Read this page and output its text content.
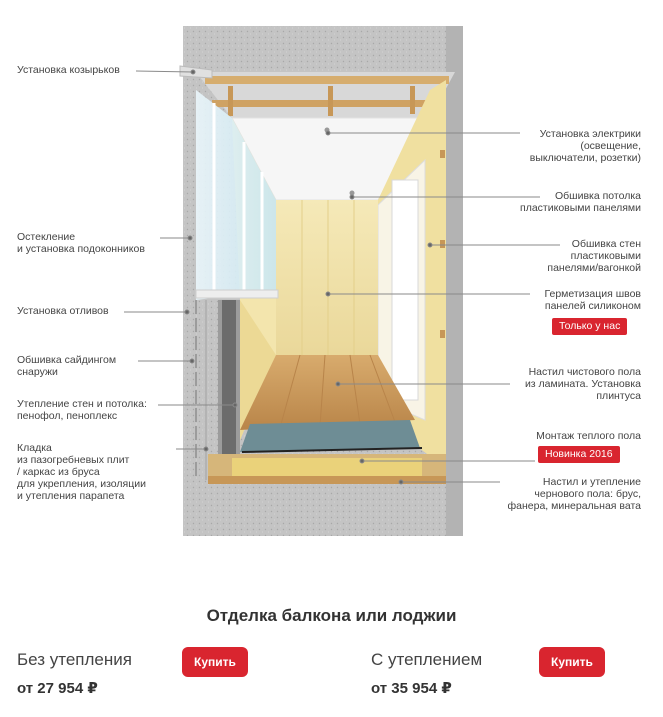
Установка козырьков
Остекление
и установка подоконников
Установка отливов
Обшивка сайдингом
снаружи
Утепление стен и потолка:
пенофол, пеноплекс
Кладка
из пазогребневых плит
/ каркас из бруса
для укрепления, изоляции
и утепления парапета
Установка электрики
(освещение,
выключатели, розетки)
Обшивка потолка
пластиковыми панелями
Обшивка стен
пластиковыми
панелями/вагонкой
Герметизация швов
панелей силиконом
Только у нас
Настил чистового пола
из ламината. Установка
плинтуса
Монтаж теплого пола
Новинка 2016
Настил и утепление
чернового пола: брус,
фанера, минеральная вата
Отделка балкона или лоджии
Без утепления
от 27 954 ₽
Купить	С утеплением
от 35 954 ₽
Купить
